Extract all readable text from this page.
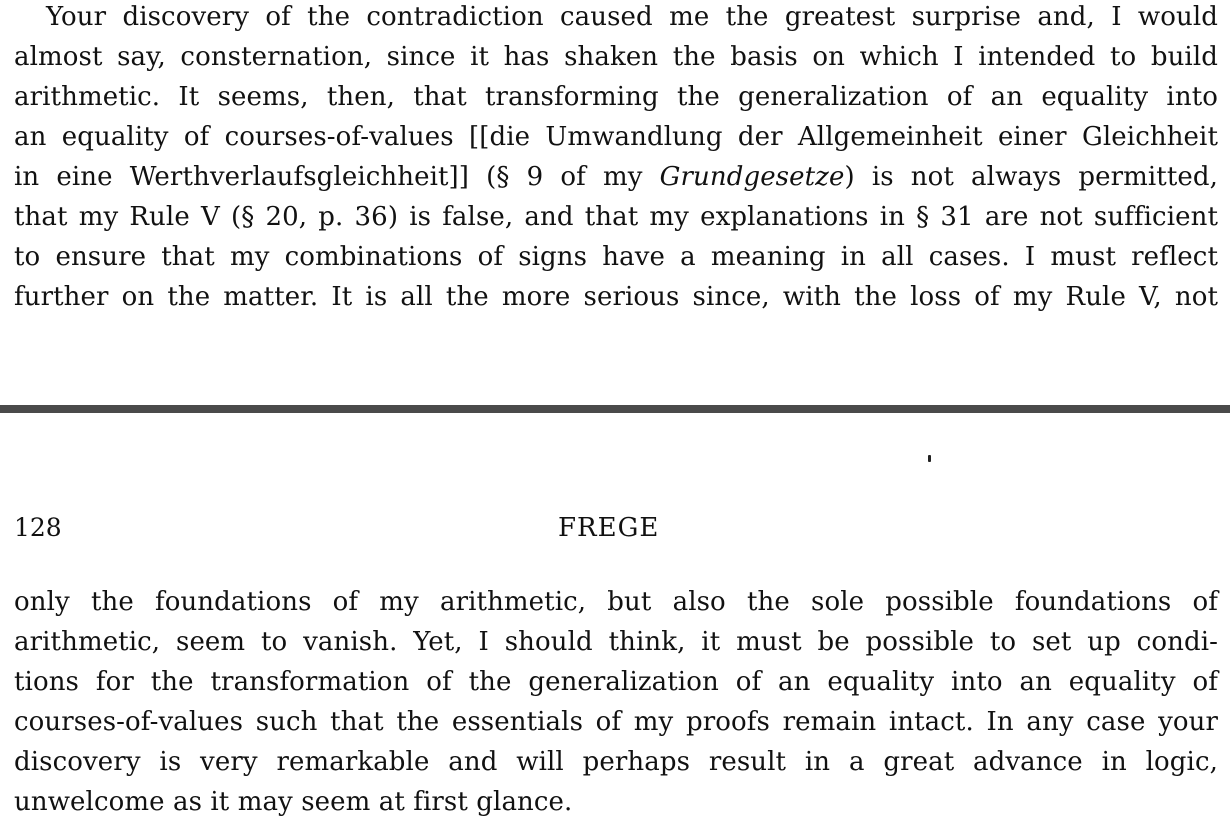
Your discovery of the contradiction caused me the greatest surprise and, I would
almost say, consternation, since it has shaken the basis on which I intended to build
arithmetic. It seems, then, that transforming the generalization of an equality into
an equality of courses-of-values [[die Umwandlung der Allgemeinheit einer Gleichheit
in eine Werthverlaufsgleichheit]] (§ 9 of my Grundgesetze) is not always permitted,
that my Rule V (§ 20, p. 36) is false, and that my explanations in § 31 are not sufficient
to ensure that my combinations of signs have a meaning in all cases. I must reflect
further on the matter. It is all the more serious since, with the loss of my Rule V, not
128	FREGE
only the foundations of my arithmetic, but also the sole possible foundations of
arithmetic, seem to vanish. Yet, I should think, it must be possible to set up condi-
tions for the transformation of the generalization of an equality into an equality of
courses-of-values such that the essentials of my proofs remain intact. In any case your
discovery is very remarkable and will perhaps result in a great advance in logic,
unwelcome as it may seem at first glance.
